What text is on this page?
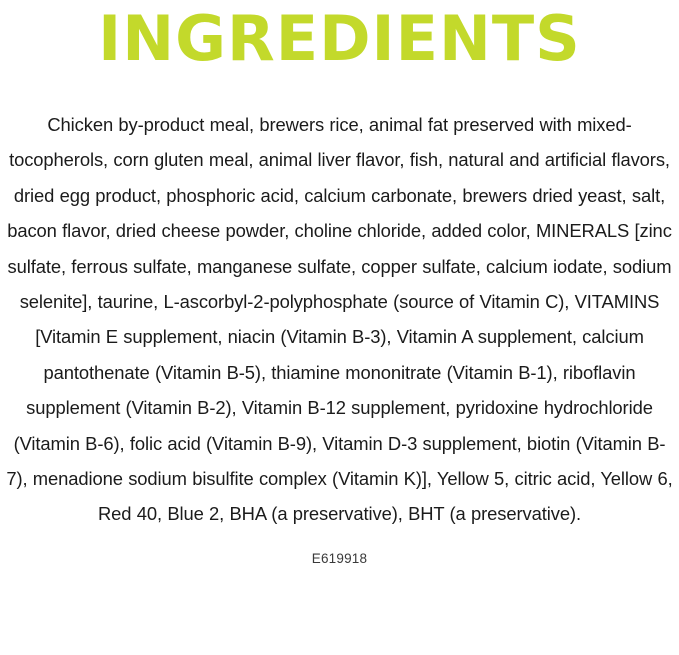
INGREDIENTS

Chicken by-product meal, brewers rice, animal fat preserved with mixed-tocopherols, corn gluten meal, animal liver flavor, fish, natural and artificial flavors, dried egg product, phosphoric acid, calcium carbonate, brewers dried yeast, salt, bacon flavor, dried cheese powder, choline chloride, added color, MINERALS [zinc sulfate, ferrous sulfate, manganese sulfate, copper sulfate, calcium iodate, sodium selenite], taurine, L-ascorbyl-2-polyphosphate (source of Vitamin C), VITAMINS [Vitamin E supplement, niacin (Vitamin B-3), Vitamin A supplement, calcium pantothenate (Vitamin B-5), thiamine mononitrate (Vitamin B-1), riboflavin supplement (Vitamin B-2), Vitamin B-12 supplement, pyridoxine hydrochloride (Vitamin B-6), folic acid (Vitamin B-9), Vitamin D-3 supplement, biotin (Vitamin B-7), menadione sodium bisulfite complex (Vitamin K)], Yellow 5, citric acid, Yellow 6, Red 40, Blue 2, BHA (a preservative), BHT (a preservative).

E619918
